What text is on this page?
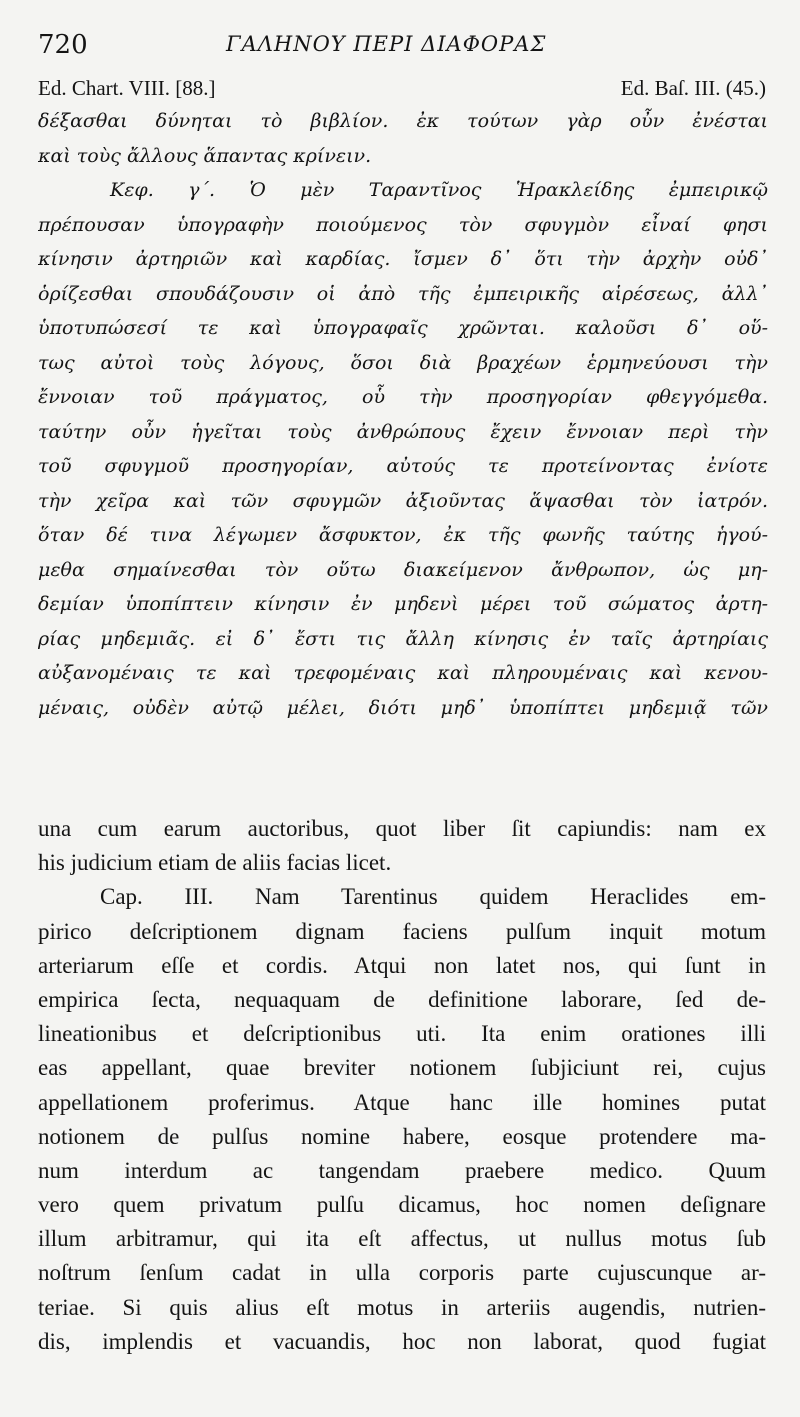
720	ΓΑΛΗΝΟΥ ΠΕΡΙ ΔΙΑΦΟΡΑΣ
Ed. Chart. VIII. [88.]	Ed. Baſ. III. (45.)
δέξασθαι δύνηται τὸ βιβλίον. ἐκ τούτων γὰρ οὖν ἐνέσται
καὶ τοὺς ἄλλους ἅπαντας κρίνειν.
Κεφ. γ΄. Ὁ μὲν Ταραντῖνος Ἡρακλείδης ἐμπειρικῷ
πρέπουσαν ὑπογραφὴν ποιούμενος τὸν σφυγμὸν εἶναί φησι
κίνησιν ἀρτηριῶν καὶ καρδίας. ἴσμεν δ᾽ ὅτι τὴν ἀρχὴν οὐδ᾽
ὁρίζεσθαι σπουδάζουσιν οἱ ἀπὸ τῆς ἐμπειρικῆς αἱρέσεως, ἀλλ᾽
ὑποτυπώσεσί τε καὶ ὑπογραφαῖς χρῶνται. καλοῦσι δ᾽ οὕ-
τως αὐτοὶ τοὺς λόγους, ὅσοι διὰ βραχέων ἑρμηνεύουσι τὴν
ἔννοιαν τοῦ πράγματος, οὗ τὴν προσηγορίαν φθεγγόμεθα.
ταύτην οὖν ἡγεῖται τοὺς ἀνθρώπους ἔχειν ἔννοιαν περὶ τὴν
τοῦ σφυγμοῦ προσηγορίαν, αὐτούς τε προτείνοντας ἐνίοτε
τὴν χεῖρα καὶ τῶν σφυγμῶν ἀξιοῦντας ἅψασθαι τὸν ἰατρόν.
ὅταν δέ τινα λέγωμεν ἄσφυκτον, ἐκ τῆς φωνῆς ταύτης ἡγού-
μεθα σημαίνεσθαι τὸν οὕτω διακείμενον ἄνθρωπον, ὡς μη-
δεμίαν ὑποπίπτειν κίνησιν ἐν μηδενὶ μέρει τοῦ σώματος ἀρτη-
ρίας μηδεμιᾶς. εἰ δ᾽ ἔστι τις ἄλλη κίνησις ἐν ταῖς ἀρτηρίαις
αὐξανομέναις τε καὶ τρεφομέναις καὶ πληρουμέναις καὶ κενου-
μέναις, οὐδὲν αὐτῷ μέλει, διότι μηδ᾽ ὑποπίπτει μηδεμιᾷ τῶν
una cum earum auctoribus, quot liber ſit capiundis: nam ex
his judicium etiam de aliis facias licet.
Cap. III. Nam Tarentinus quidem Heraclides em-
pirico deſcriptionem dignam faciens pulſum inquit motum
arteriarum eſſe et cordis. Atqui non latet nos, qui ſunt in
empirica ſecta, nequaquam de definitione laborare, ſed de-
lineationibus et deſcriptionibus uti. Ita enim orationes illi
eas appellant, quae breviter notionem ſubjiciunt rei, cujus
appellationem proferimus. Atque hanc ille homines putat
notionem de pulſus nomine habere, eosque protendere ma-
num interdum ac tangendam praebere medico. Quum
vero quem privatum pulſu dicamus, hoc nomen deſignare
illum arbitramur, qui ita eſt affectus, ut nullus motus ſub
noſtrum ſenſum cadat in ulla corporis parte cujuscunque ar-
teriae. Si quis alius eſt motus in arteriis augendis, nutrien-
dis, implendis et vacuandis, hoc non laborat, quod fugiat
